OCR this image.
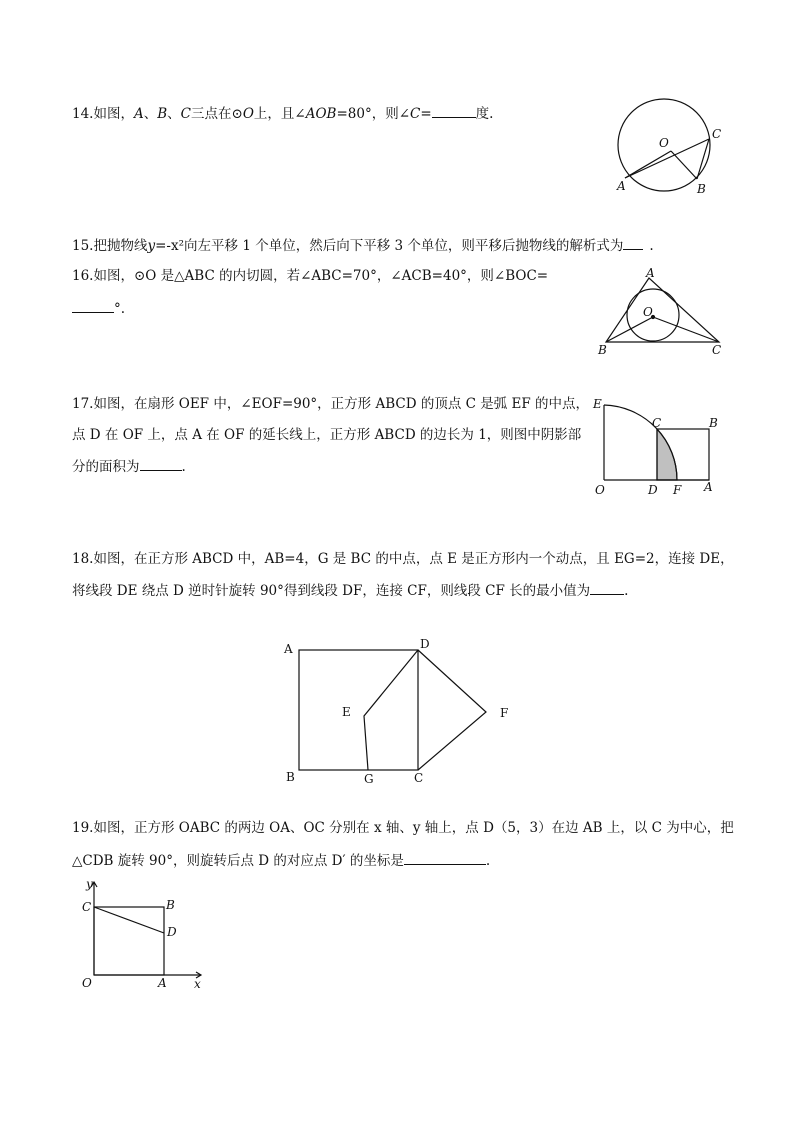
14.如图，A、B、C三点在⊙O上，且∠AOB=80°，则∠C=	度.
O
C
A	B
15.把抛物线y=-x²向左平移 1 个单位，然后向下平移 3 个单位，则平移后抛物线的解析式为 .
16.如图，⊙O 是△ABC 的内切圆，若∠ABC=70°，∠ACB=40°，则∠BOC=
°.
A
O
B	C
17.如图，在扇形 OEF 中，∠EOF=90°，正方形 ABCD 的顶点 C 是弧 EF 的中点，
点 D 在 OF 上，点 A 在 OF 的延长线上，正方形 ABCD 的边长为 1，则图中阴影部
分的面积为	.
E
C	B
O	D F A
18.如图，在正方形 ABCD 中，AB=4，G 是 BC 的中点，点 E 是正方形内一个动点，且 EG=2，连接 DE，
将线段 DE 绕点 D 逆时针旋转 90°得到线段 DF，连接 CF，则线段 CF 长的最小值为	.
A	D
E	F
B	G	C
19.如图，正方形 OABC 的两边 OA、OC 分别在 x 轴、y 轴上，点 D（5，3）在边 AB 上，以 C 为中心，把
△CDB 旋转 90°，则旋转后点 D 的对应点 D′ 的坐标是	.
y
C	B
D
O	A x
